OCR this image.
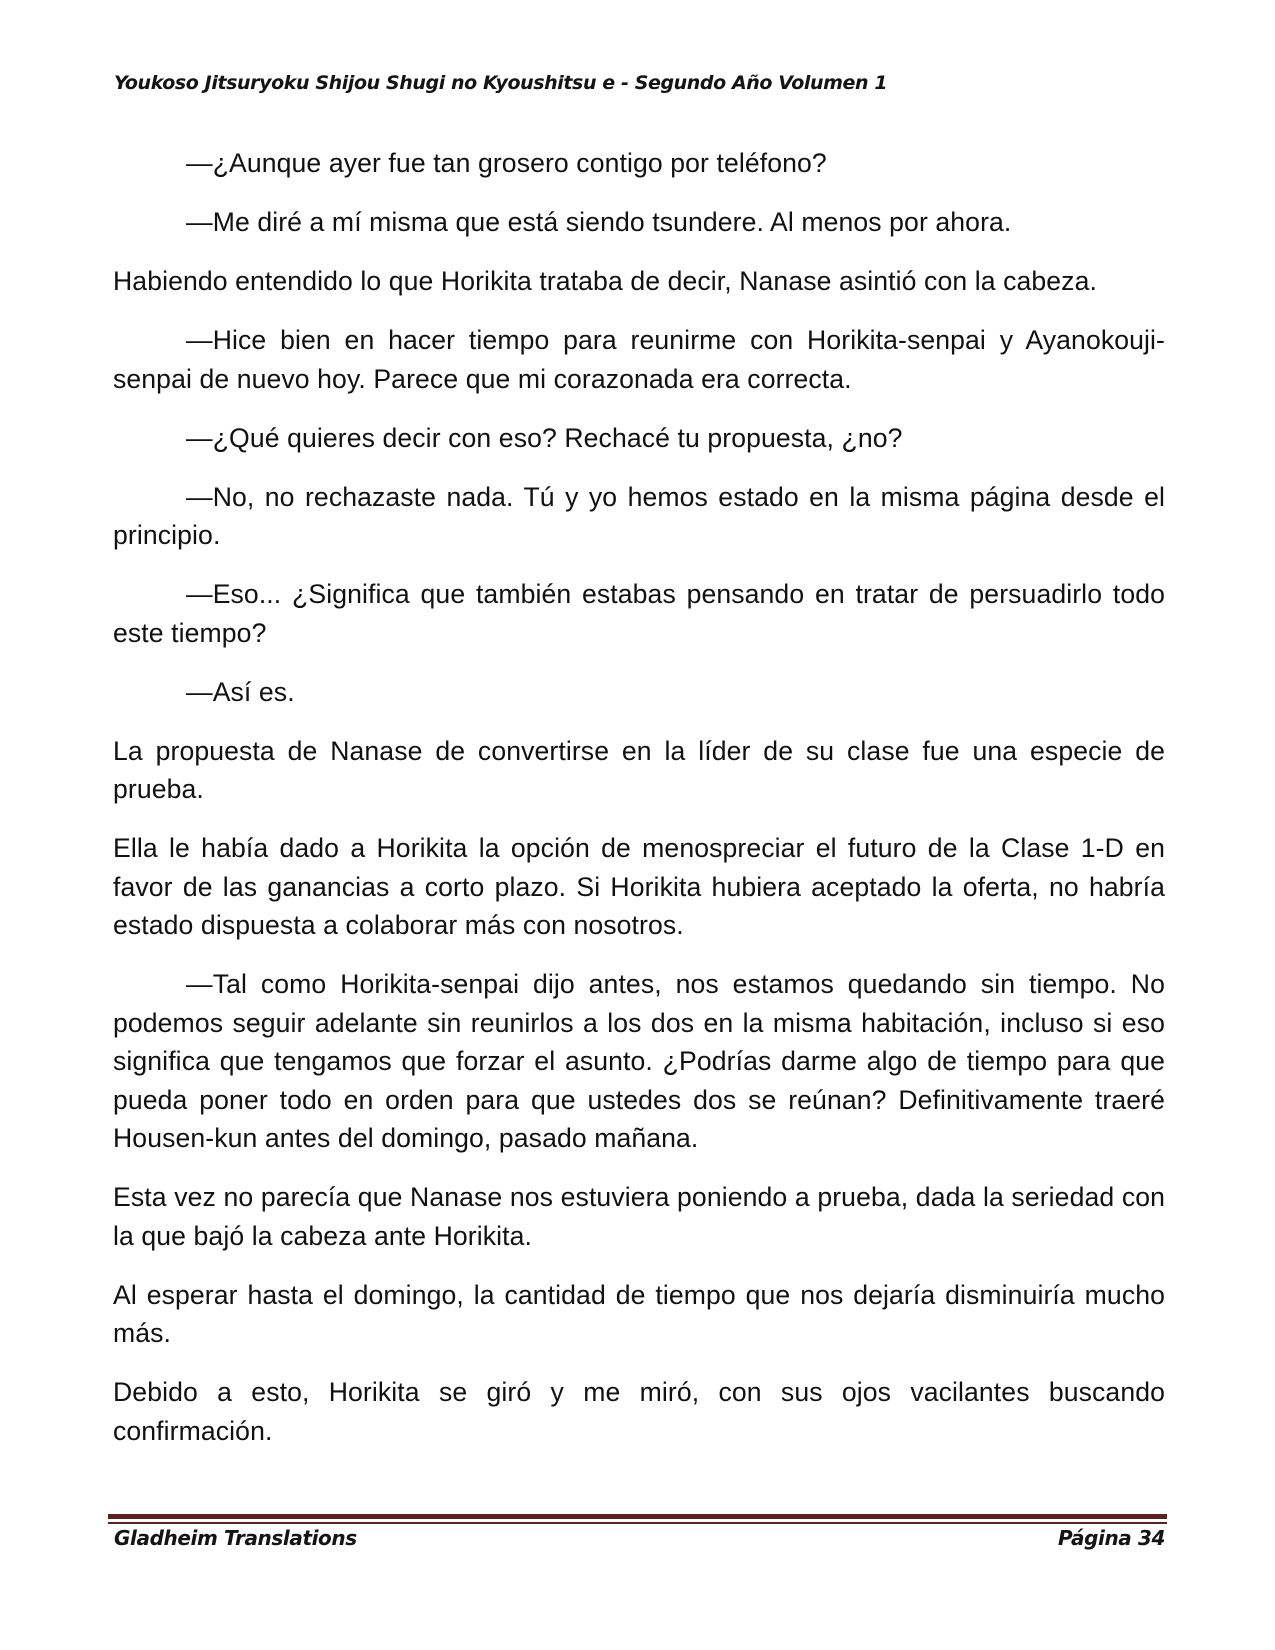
Youkoso Jitsuryoku Shijou Shugi no Kyoushitsu e - Segundo Año Volumen 1

—¿Aunque ayer fue tan grosero contigo por teléfono?

—Me diré a mí misma que está siendo tsundere. Al menos por ahora.

Habiendo entendido lo que Horikita trataba de decir, Nanase asintió con la cabeza.

—Hice bien en hacer tiempo para reunirme con Horikita-senpai y Ayanokouji-senpai de nuevo hoy. Parece que mi corazonada era correcta.

—¿Qué quieres decir con eso? Rechacé tu propuesta, ¿no?

—No, no rechazaste nada. Tú y yo hemos estado en la misma página desde el principio.

—Eso... ¿Significa que también estabas pensando en tratar de persuadirlo todo este tiempo?

—Así es.

La propuesta de Nanase de convertirse en la líder de su clase fue una especie de prueba.

Ella le había dado a Horikita la opción de menospreciar el futuro de la Clase 1-D en favor de las ganancias a corto plazo. Si Horikita hubiera aceptado la oferta, no habría estado dispuesta a colaborar más con nosotros.

—Tal como Horikita-senpai dijo antes, nos estamos quedando sin tiempo. No podemos seguir adelante sin reunirlos a los dos en la misma habitación, incluso si eso significa que tengamos que forzar el asunto. ¿Podrías darme algo de tiempo para que pueda poner todo en orden para que ustedes dos se reúnan? Definitivamente traeré Housen-kun antes del domingo, pasado mañana.

Esta vez no parecía que Nanase nos estuviera poniendo a prueba, dada la seriedad con la que bajó la cabeza ante Horikita.

Al esperar hasta el domingo, la cantidad de tiempo que nos dejaría disminuiría mucho más.

Debido a esto, Horikita se giró y me miró, con sus ojos vacilantes buscando confirmación.

Gladheim Translations	Página 34
